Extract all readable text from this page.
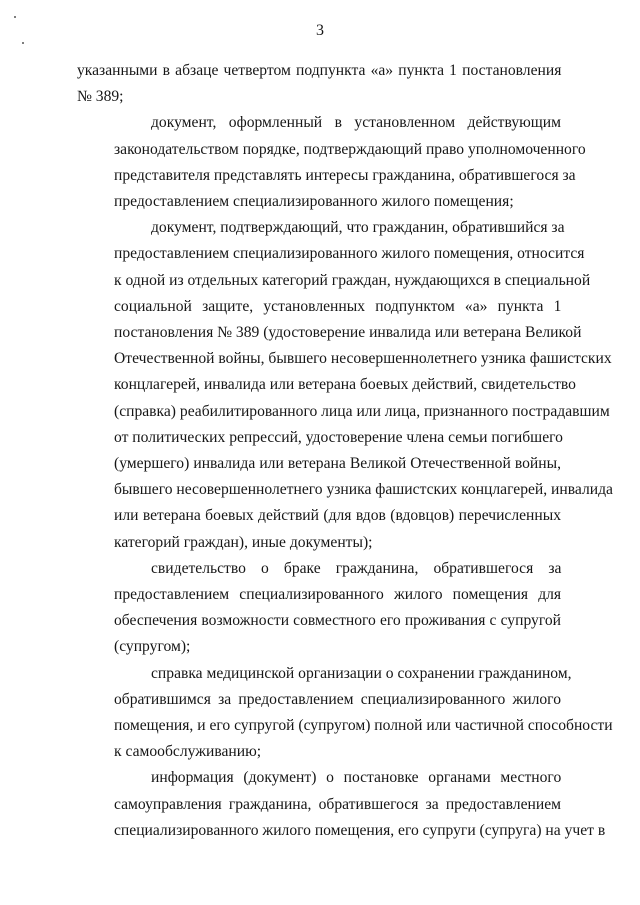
3
указанными в абзаце четвертом подпункта «а» пункта 1 постановления
№ 389;
документ, оформленный в установленном действующим
законодательством порядке, подтверждающий право уполномоченного
представителя представлять интересы гражданина, обратившегося за
предоставлением специализированного жилого помещения;
документ, подтверждающий, что гражданин, обратившийся за
предоставлением специализированного жилого помещения, относится
к одной из отдельных категорий граждан, нуждающихся в специальной
социальной защите, установленных подпунктом «а» пункта 1
постановления № 389 (удостоверение инвалида или ветерана Великой
Отечественной войны, бывшего несовершеннолетнего узника фашистских
концлагерей, инвалида или ветерана боевых действий, свидетельство
(справка) реабилитированного лица или лица, признанного пострадавшим
от политических репрессий, удостоверение члена семьи погибшего
(умершего) инвалида или ветерана Великой Отечественной войны,
бывшего несовершеннолетнего узника фашистских концлагерей, инвалида
или ветерана боевых действий (для вдов (вдовцов) перечисленных
категорий граждан), иные документы);
свидетельство о браке гражданина, обратившегося за
предоставлением специализированного жилого помещения для
обеспечения возможности совместного его проживания с супругой
(супругом);
справка медицинской организации о сохранении гражданином,
обратившимся за предоставлением специализированного жилого
помещения, и его супругой (супругом) полной или частичной способности
к самообслуживанию;
информация (документ) о постановке органами местного
самоуправления гражданина, обратившегося за предоставлением
специализированного жилого помещения, его супруги (супруга) на учет в
